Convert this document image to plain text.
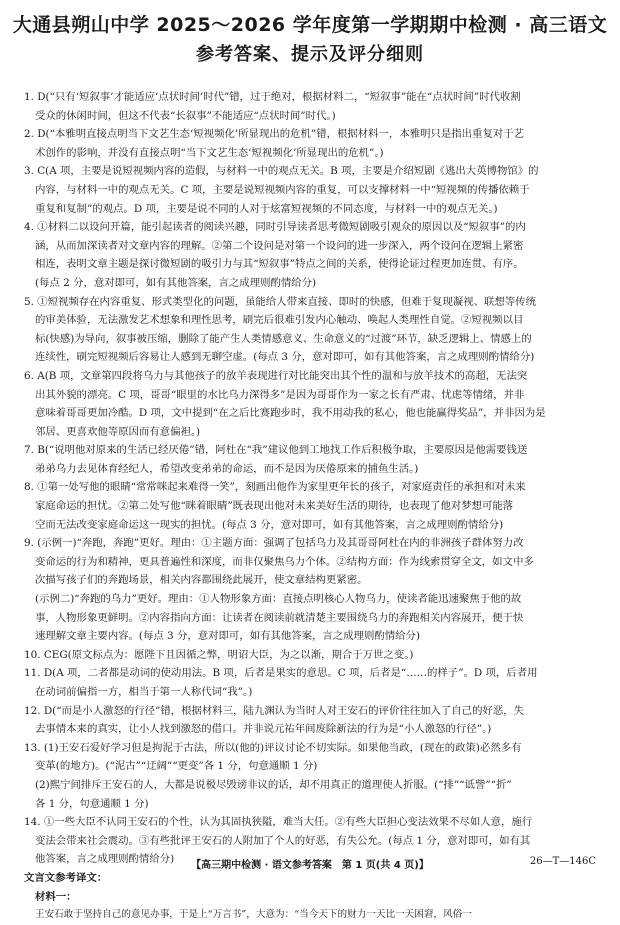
大通县朔山中学 2025～2026 学年度第一学期期中检测 · 高三语文
参考答案、提示及评分细则
1. D(“只有‘短叙事’才能适应‘点状时间’时代”错，过于绝对，根据材料二，“短叙事”能在“点状时间”时代收割
受众的休闲时间，但这不代表“长叙事”不能适应“点状时间”时代。)
2. D(“本雅明直接点明当下文艺生态‘短视频化’所显现出的危机”错，根据材料一，本雅明只是指出重复对于艺
术创作的影响，并没有直接点明“当下文艺生态‘短视频化’所显现出的危机”。)
3. C(A 项，主要是说短视频内容的造假，与材料一中的观点无关。B 项，主要是介绍短剧《逃出大英博物馆》的
内容，与材料一中的观点无关。C 项，主要是说短视频内容的重复，可以支撑材料一中“短视频的传播依赖于
重复和复制”的观点。D 项，主要是说不同的人对于炫富短视频的不同态度，与材料一中的观点无关。)
4. ①材料二以设问开篇，能引起读者的阅读兴趣，同时引导读者思考微短剧吸引观众的原因以及“短叙事”的内
涵，从而加深读者对文章内容的理解。②第二个设问是对第一个设问的进一步深入，两个设问在逻辑上紧密
相连，表明文章主题是探讨微短剧的吸引力与其“短叙事”特点之间的关系，使得论证过程更加连贯、有序。
(每点 2 分，意对即可，如有其他答案，言之成理则酌情给分)
5. ①短视频存在内容重复、形式类型化的问题，虽能给人带来直接、即时的快感，但难于复现凝视、联想等传统
的审美体验，无法激发艺术想象和理性思考，刷完后很难引发内心触动、唤起人类理性自觉。②短视频以目
标(快感)为导向，叙事被压缩，删除了能产生人类情感意义、生命意义的“过渡”环节，缺乏逻辑上、情感上的
连续性，刷完短视频后容易让人感到无聊空虚。(每点 3 分，意对即可，如有其他答案，言之成理则酌情给分)
6. A(B 项，文章第四段将乌力与其他孩子的放羊表现进行对比能突出其个性的温和与放羊技术的高超，无法突
出其外貌的漂亮。C 项，哥哥“眼里的水比乌力深得多”是因为哥哥作为一家之长有严肃、忧虑等情绪，并非
意味着哥哥更加冷酷。D 项，文中提到“在之后比赛跑步时，我不用动我的私心，他也能赢得奖品”，并非因为是
邻居、更喜欢他等原因而有意偏袒。)
7. B(“说明他对原来的生活已经厌倦”错，阿杜在“我”建议他到工地找工作后积极争取，主要原因是他需要钱送
弟弟乌力去见体育经纪人，希望改变弟弟的命运，而不是因为厌倦原来的捕鱼生活。)
8. ①第一处写他的眼睛“常常咪起来难得一笑”，刻画出他作为家里更年长的孩子，对家庭责任的承担和对未来
家庭命运的担忧。②第二处写他“眯着眼睛”既表现出他对未来美好生活的期待，也表现了他对梦想可能落
空而无法改变家庭命运这一现实的担忧。(每点 3 分，意对即可，如有其他答案，言之成理则酌情给分)
9. (示例一)“奔跑，奔跑”更好。理由：①主题方面：强调了包括乌力及其哥哥阿杜在内的非洲孩子群体努力改
变命运的行为和精神，更具普遍性和深度，而非仅聚焦乌力个体。②结构方面：作为线索贯穿全文，如文中多
次描写孩子们的奔跑场景，相关内容都围绕此展开，使文章结构更紧密。
(示例二)“奔跑的乌力”更好。理由：①人物形象方面：直接点明核心人物乌力，使读者能迅速聚焦于他的故
事，人物形象更鲜明。②内容指向方面：让读者在阅读前就清楚主要围绕乌力的奔跑相关内容展开，便于快
速理解文章主要内容。(每点 3 分，意对即可，如有其他答案，言之成理则酌情给分)
10. CEG(原文标点为：愿陛下且因循之弊，明诏大臣，为之以渐，期合于万世之变。)
11. D(A 项，二者都是动词的使动用法。B 项，后者是果实的意思。C 项，后者是“……的样子”。D 项，后者用
在动词前偏指一方，相当于第一人称代词“我”。)
12. D(“而是小人激怒的行径”错，根据材料三，陆九渊认为当时人对王安石的评价往往加入了自己的好恶，失
去事情本来的真实，让小人找到激怒的借口。并非说元祐年间废除新法的行为是“小人激怒的行径”。)
13. (1)王安石爱好学习但是拘泥于古法，所以(他的)评议讨论不切实际。如果他当政，(现在的政策)必然多有
变革(的地方)。(“泥古”“迂阔”“更变”各 1 分，句意通顺 1 分)
(2)熙宁间排斥王安石的人，大都是说极尽毁谤非议的话，却不用真正的道理使人折服。(“排”“诋訾”“折”
各 1 分，句意通顺 1 分)
14. ①一些大臣不认同王安石的个性，认为其固执狭隘，难当大任。②有些大臣担心变法效果不尽如人意，施行
变法会带来社会震动。③有些批评王安石的人附加了个人的好恶，有失公允。(每点 1 分，意对即可，如有其
他答案，言之成理则酌情给分)
文言文参考译文：
材料一：
王安石敢于坚持自己的意见办事，于是上“万言书”，大意为：“当今天下的财力一天比一天困窘，风俗一
【高三期中检测 · 语文参考答案　第 1 页(共 4 页)】	26—T—146C
